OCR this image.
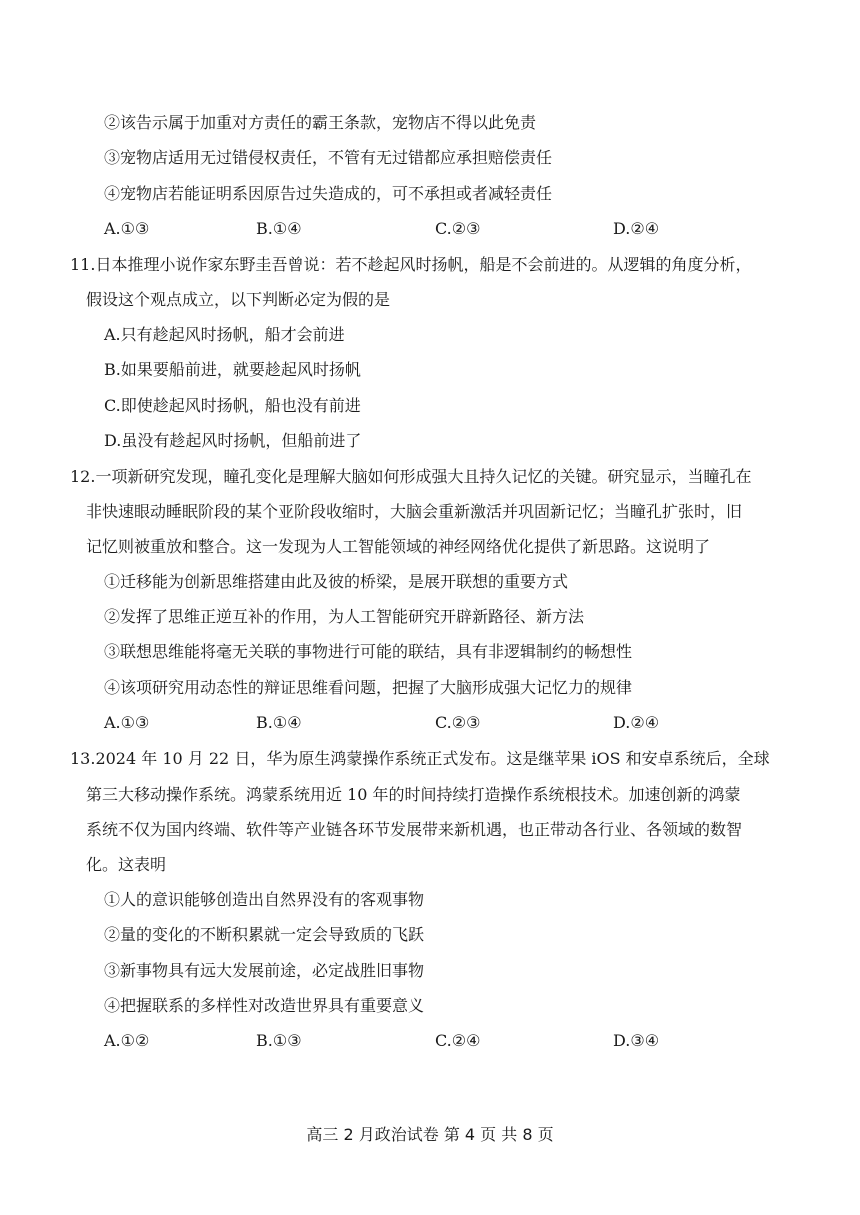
②该告示属于加重对方责任的霸王条款，宠物店不得以此免责
③宠物店适用无过错侵权责任，不管有无过错都应承担赔偿责任
④宠物店若能证明系因原告过失造成的，可不承担或者减轻责任
A.①③	B.①④	C.②③	D.②④
11.日本推理小说作家东野圭吾曾说：若不趁起风时扬帆，船是不会前进的。从逻辑的角度分析，
假设这个观点成立，以下判断必定为假的是
A.只有趁起风时扬帆，船才会前进
B.如果要船前进，就要趁起风时扬帆
C.即使趁起风时扬帆，船也没有前进
D.虽没有趁起风时扬帆，但船前进了
12.一项新研究发现，瞳孔变化是理解大脑如何形成强大且持久记忆的关键。研究显示，当瞳孔在
非快速眼动睡眠阶段的某个亚阶段收缩时，大脑会重新激活并巩固新记忆；当瞳孔扩张时，旧
记忆则被重放和整合。这一发现为人工智能领域的神经网络优化提供了新思路。这说明了
①迁移能为创新思维搭建由此及彼的桥梁，是展开联想的重要方式
②发挥了思维正逆互补的作用，为人工智能研究开辟新路径、新方法
③联想思维能将毫无关联的事物进行可能的联结，具有非逻辑制约的畅想性
④该项研究用动态性的辩证思维看问题，把握了大脑形成强大记忆力的规律
A.①③	B.①④	C.②③	D.②④
13.2024 年 10 月 22 日，华为原生鸿蒙操作系统正式发布。这是继苹果 iOS 和安卓系统后，全球
第三大移动操作系统。鸿蒙系统用近 10 年的时间持续打造操作系统根技术。加速创新的鸿蒙
系统不仅为国内终端、软件等产业链各环节发展带来新机遇，也正带动各行业、各领域的数智
化。这表明
①人的意识能够创造出自然界没有的客观事物
②量的变化的不断积累就一定会导致质的飞跃
③新事物具有远大发展前途，必定战胜旧事物
④把握联系的多样性对改造世界具有重要意义
A.①②	B.①③	C.②④	D.③④
高三 2 月政治试卷 第 4 页 共 8 页
